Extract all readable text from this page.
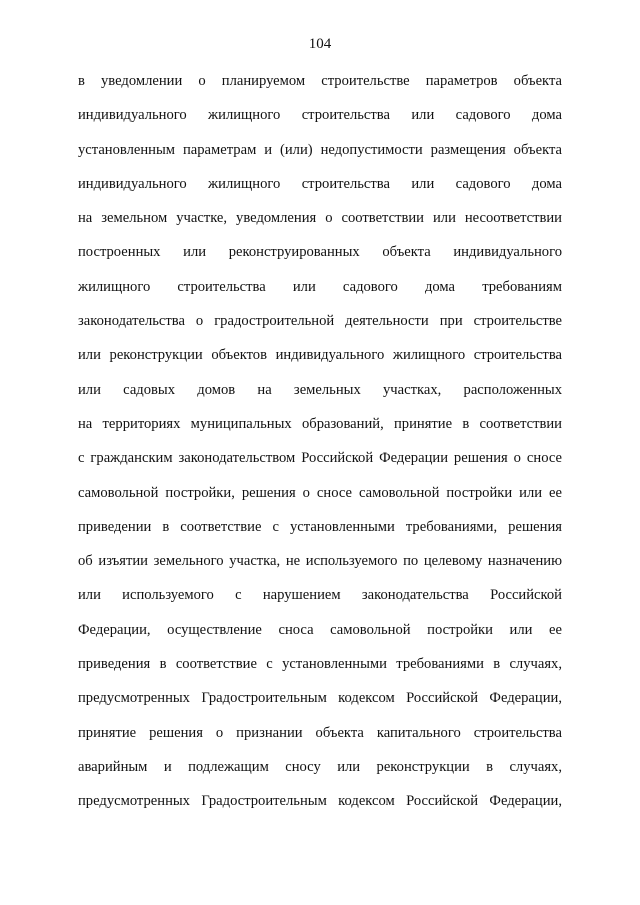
104
в уведомлении о планируемом строительстве параметров объекта
индивидуального жилищного строительства или садового дома
установленным параметрам и (или) недопустимости размещения объекта
индивидуального жилищного строительства или садового дома
на земельном участке, уведомления о соответствии или несоответствии
построенных или реконструированных объекта индивидуального
жилищного строительства или садового дома требованиям
законодательства о градостроительной деятельности при строительстве
или реконструкции объектов индивидуального жилищного строительства
или садовых домов на земельных участках, расположенных
на территориях муниципальных образований, принятие в соответствии
с гражданским законодательством Российской Федерации решения о сносе
самовольной постройки, решения о сносе самовольной постройки или ее
приведении в соответствие с установленными требованиями, решения
об изъятии земельного участка, не используемого по целевому назначению
или используемого с нарушением законодательства Российской
Федерации, осуществление сноса самовольной постройки или ее
приведения в соответствие с установленными требованиями в случаях,
предусмотренных Градостроительным кодексом Российской Федерации,
принятие решения о признании объекта капитального строительства
аварийным и подлежащим сносу или реконструкции в случаях,
предусмотренных Градостроительным кодексом Российской Федерации,
